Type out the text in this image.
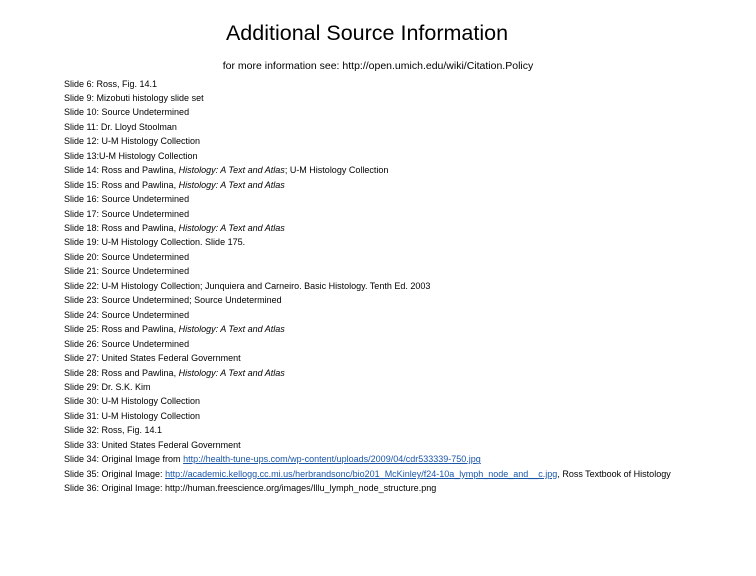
Additional Source Information
for more information see: http://open.umich.edu/wiki/Citation.Policy
Slide 6: Ross, Fig. 14.1
Slide 9: Mizobuti histology slide set
Slide 10: Source Undetermined
Slide 11: Dr. Lloyd Stoolman
Slide 12: U-M Histology Collection
Slide 13:U-M Histology Collection
Slide 14: Ross and Pawlina, Histology: A Text and Atlas; U-M Histology Collection
Slide 15: Ross and Pawlina, Histology: A Text and Atlas
Slide 16: Source Undetermined
Slide 17: Source Undetermined
Slide 18: Ross and Pawlina, Histology: A Text and Atlas
Slide 19: U-M Histology Collection. Slide 175.
Slide 20: Source Undetermined
Slide 21: Source Undetermined
Slide 22: U-M Histology Collection; Junquiera and Carneiro. Basic Histology. Tenth Ed. 2003
Slide 23: Source Undetermined; Source Undetermined
Slide 24: Source Undetermined
Slide 25: Ross and Pawlina, Histology: A Text and Atlas
Slide 26: Source Undetermined
Slide 27: United States Federal Government
Slide 28: Ross and Pawlina, Histology: A Text and Atlas
Slide 29: Dr. S.K. Kim
Slide 30: U-M Histology Collection
Slide 31: U-M Histology Collection
Slide 32: Ross, Fig. 14.1
Slide 33: United States Federal Government
Slide 34: Original Image from http://health-tune-ups.com/wp-content/uploads/2009/04/cdr533339-750.jpg
Slide 35: Original Image: http://academic.kellogg.cc.mi.us/herbrandsonc/bio201_McKinley/f24-10a_lymph_node_and__c.jpg, Ross Textbook of Histology
Slide 36: Original Image: http://human.freescience.org/images/Illu_lymph_node_structure.png
